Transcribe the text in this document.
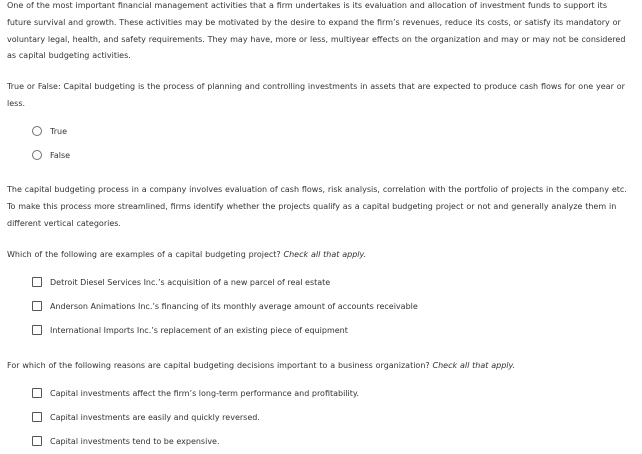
One of the most important financial management activities that a firm undertakes is its evaluation and allocation of investment funds to support its future survival and growth. These activities may be motivated by the desire to expand the firm’s revenues, reduce its costs, or satisfy its mandatory or voluntary legal, health, and safety requirements. They may have, more or less, multiyear effects on the organization and may or may not be considered as capital budgeting activities.

True or False: Capital budgeting is the process of planning and controlling investments in assets that are expected to produce cash flows for one year or less.

True
False

The capital budgeting process in a company involves evaluation of cash flows, risk analysis, correlation with the portfolio of projects in the company etc. To make this process more streamlined, firms identify whether the projects qualify as a capital budgeting project or not and generally analyze them in different vertical categories.

Which of the following are examples of a capital budgeting project? Check all that apply.

Detroit Diesel Services Inc.’s acquisition of a new parcel of real estate
Anderson Animations Inc.’s financing of its monthly average amount of accounts receivable
International Imports Inc.’s replacement of an existing piece of equipment

For which of the following reasons are capital budgeting decisions important to a business organization? Check all that apply.

Capital investments affect the firm’s long-term performance and profitability.
Capital investments are easily and quickly reversed.
Capital investments tend to be expensive.
